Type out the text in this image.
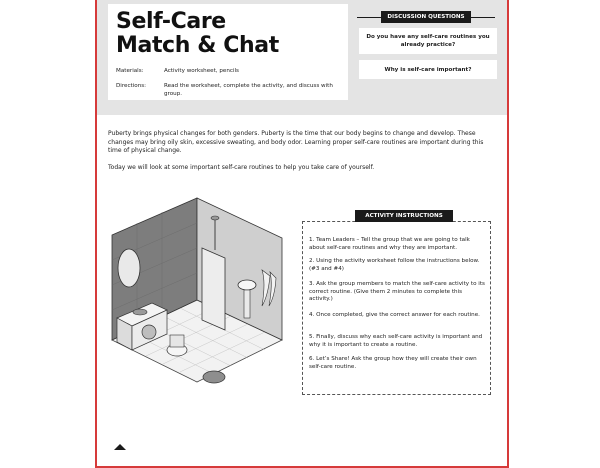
Self-Care
Match & Chat
Materials:	Activity worksheet, pencils
Directions:	Read the worksheet, complete the activity, and discuss with group.
DISCUSSION QUESTIONS
Do you have any self-care routines you already practice?
Why is self-care important?

Puberty brings physical changes for both genders. Puberty is the time that our body begins to change and develop. These changes may bring oily skin, excessive sweating, and body odor. Learning proper self-care routines are important during this time of physical change.

Today we will look at some important self-care routines to help you take care of yourself.

ACTIVITY INSTRUCTIONS
1. Team Leaders – Tell the group that we are going to talk about self-care routines and why they are important.
2. Using the activity worksheet follow the instructions below. (#3 and #4)
3. Ask the group members to match the self-care activity to its correct routine. (Give them 2 minutes to complete this activity.)
4. Once completed, give the correct answer for each routine.
5. Finally, discuss why each self-care activity is important and why it is important to create a routine.
6. Let’s Share! Ask the group how they will create their own self-care routine.
